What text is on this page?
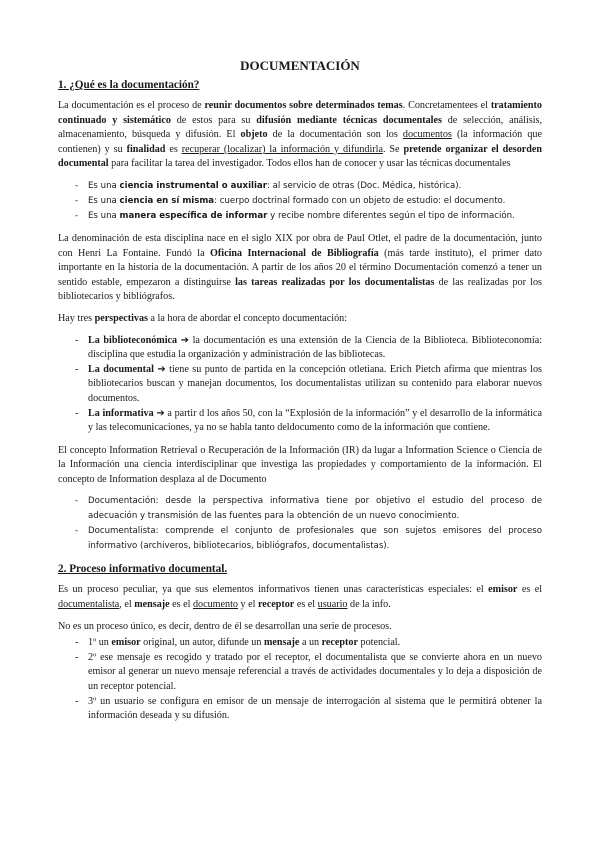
DOCUMENTACIÓN
1. ¿Qué es la documentación?

La documentación es el proceso de reunir documentos sobre determinados temas. Concretamentees el tratamiento continuado y sistemático de estos para su difusión mediante técnicas documentales de selección, análisis, almacenamiento, búsqueda y difusión. El objeto de la documentación son los documentos (la información que contienen) y su finalidad es recuperar (localizar) la información y difundirla. Se pretende organizar el desorden documental para facilitar la tarea del investigador. Todos ellos han de conocer y usar las técnicas documentales

- Es una ciencia instrumental o auxiliar: al servicio de otras (Doc. Médica, histórica).
- Es una ciencia en sí misma: cuerpo doctrinal formado con un objeto de estudio: el documento.
- Es una manera específica de informar y recibe nombre diferentes según el tipo de información.

La denominación de esta disciplina nace en el siglo XIX por obra de Paul Otlet, el padre de la documentación, junto con Henri La Fontaine. Fundó la Oficina Internacional de Bibliografía (más tarde instituto), el primer dato importante en la historia de la documentación. A partir de los años 20 el término Documentación comenzó a tener un sentido estable, empezaron a distinguirse las tareas realizadas por los documentalistas de las realizadas por los bibliotecarios y bibliógrafos.

Hay tres perspectivas a la hora de abordar el concepto documentación:

- La biblioteconómica ➔ la documentación es una extensión de la Ciencia de la Biblioteca. Biblioteconomía: disciplina que estudia la organización y administración de las bibliotecas.
- La documental ➔ tiene su punto de partida en la concepción otletiana. Erich Pietch afirma que mientras los bibliotecarios buscan y manejan documentos, los documentalistas utilizan su contenido para elaborar nuevos documentos.
- La informativa ➔ a partir d los años 50, con la “Explosión de la información” y el desarrollo de la informática y las telecomunicaciones, ya no se habla tanto deldocumento como de la información que contiene.

El concepto Information Retrieval o Recuperación de la Información (IR) da lugar a Information Science o Ciencia de la Información una ciencia interdisciplinar que investiga las propiedades y comportamiento de la información. El concepto de Information desplaza al de Documento

- Documentación: desde la perspectiva informativa tiene por objetivo el estudio del proceso de adecuación y transmisión de las fuentes para la obtención de un nuevo conocimiento.
- Documentalista: comprende el conjunto de profesionales que son sujetos emisores del proceso informativo (archiveros, bibliotecarios, bibliógrafos, documentalistas).
2. Proceso informativo documental.

Es un proceso peculiar, ya que sus elementos informativos tienen unas características especiales: el emisor es el documentalista, el mensaje es el documento y el receptor es el usuario de la info.

No es un proceso único, es decir, dentro de él se desarrollan una serie de procesos.

- 1º un emisor original, un autor, difunde un mensaje a un receptor potencial.
- 2º ese mensaje es recogido y tratado por el receptor, el documentalista que se convierte ahora en un nuevo emisor al generar un nuevo mensaje referencial a través de actividades documentales y lo deja a disposición de un receptor potencial.
- 3º un usuario se configura en emisor de un mensaje de interrogación al sistema que le permitirá obtener la información deseada y su difusión.
